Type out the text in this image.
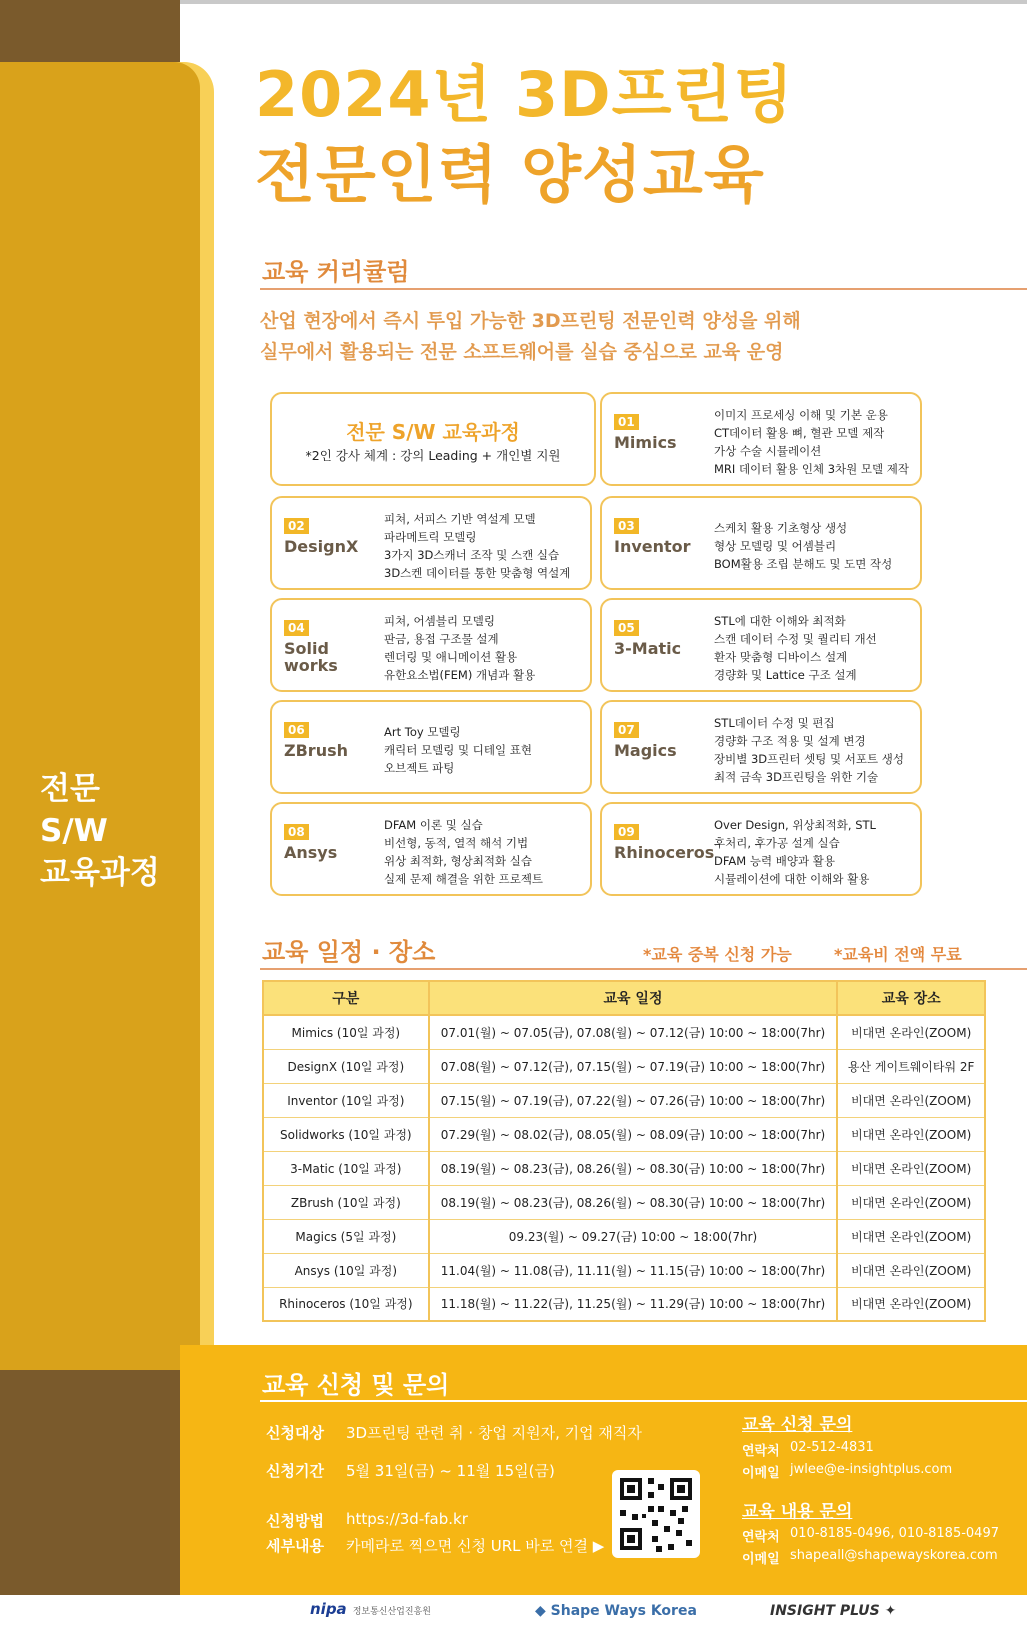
전문
S/W
교육과정
2024년 3D프린팅
전문인력 양성교육
교육 커리큘럼
산업 현장에서 즉시 투입 가능한 3D프린팅 전문인력 양성을 위해
실무에서 활용되는 전문 소프트웨어를 실습 중심으로 교육 운영
전문 S/W 교육과정
*2인 강사 체계 : 강의 Leading + 개인별 지원
01
Mimics
이미지 프로세싱 이해 및 기본 운용
CT데이터 활용 뼈, 혈관 모델 제작
가상 수술 시뮬레이션
MRI 데이터 활용 인체 3차원 모델 제작
02
DesignX
피쳐, 서피스 기반 역설계 모델
파라메트릭 모델링
3가지 3D스캐너 조작 및 스캔 실습
3D스켄 데이터를 통한 맞춤형 역설계
03
Inventor
스케치 활용 기초형상 생성
형상 모델링 및 어셈블리
BOM활용 조립 분해도 및 도면 작성
04
Solid works
피쳐, 어셈블리 모델링
판금, 용접 구조물 설계
렌더링 및 애니메이션 활용
유한요소법(FEM) 개념과 활용
05
3-Matic
STL에 대한 이해와 최적화
스캔 데이터 수정 및 퀄리티 개선
환자 맞춤형 디바이스 설계
경량화 및 Lattice 구조 설계
06
ZBrush
Art Toy 모델링
캐릭터 모델링 및 디테일 표현
오브젝트 파팅
07
Magics
STL데이터 수정 및 편집
경량화 구조 적용 및 설계 변경
장비별 3D프린터 셋팅 및 서포트 생성
최적 금속 3D프린팅을 위한 기술
08
Ansys
DFAM 이론 및 실습
비선형, 동적, 열적 해석 기법
위상 최적화, 형상최적화 실습
실제 문제 해결을 위한 프로젝트
09
Rhinoceros
Over Design, 위상최적화, STL
후처리, 후가공 설계 실습
DFAM 능력 배양과 활용
시뮬레이션에 대한 이해와 활용
교육 일정 · 장소	*교육 중복 신청 가능	*교육비 전액 무료
구분	교육 일정	교육 장소
Mimics (10일 과정)	07.01(월) ~ 07.05(금), 07.08(월) ~ 07.12(금) 10:00 ~ 18:00(7hr)	비대면 온라인(ZOOM)
DesignX (10일 과정)	07.08(월) ~ 07.12(금), 07.15(월) ~ 07.19(금) 10:00 ~ 18:00(7hr)	용산 게이트웨이타워 2F
Inventor (10일 과정)	07.15(월) ~ 07.19(금), 07.22(월) ~ 07.26(금) 10:00 ~ 18:00(7hr)	비대면 온라인(ZOOM)
Solidworks (10일 과정)	07.29(월) ~ 08.02(금), 08.05(월) ~ 08.09(금) 10:00 ~ 18:00(7hr)	비대면 온라인(ZOOM)
3-Matic (10일 과정)	08.19(월) ~ 08.23(금), 08.26(월) ~ 08.30(금) 10:00 ~ 18:00(7hr)	비대면 온라인(ZOOM)
ZBrush (10일 과정)	08.19(월) ~ 08.23(금), 08.26(월) ~ 08.30(금) 10:00 ~ 18:00(7hr)	비대면 온라인(ZOOM)
Magics (5일 과정)	09.23(월) ~ 09.27(금) 10:00 ~ 18:00(7hr)	비대면 온라인(ZOOM)
Ansys (10일 과정)	11.04(월) ~ 11.08(금), 11.11(월) ~ 11.15(금) 10:00 ~ 18:00(7hr)	비대면 온라인(ZOOM)
Rhinoceros (10일 과정)	11.18(월) ~ 11.22(금), 11.25(월) ~ 11.29(금) 10:00 ~ 18:00(7hr)	비대면 온라인(ZOOM)
교육 신청 및 문의
신청대상 3D프린팅 관련 취 · 창업 지원자, 기업 재직자
신청기간 5월 31일(금) ~ 11월 15일(금)
신청방법 https://3d-fab.kr
세부내용 카메라로 찍으면 신청 URL 바로 연결 ▶
교육 신청 문의
연락처 02-512-4831
이메일 jwlee@e-insightplus.com
교육 내용 문의
연락처 010-8185-0496, 010-8185-0497
이메일 shapeall@shapewayskorea.com
nipa 정보통신산업진흥원	◆ Shape Ways Korea	INSIGHT PLUS ✦
